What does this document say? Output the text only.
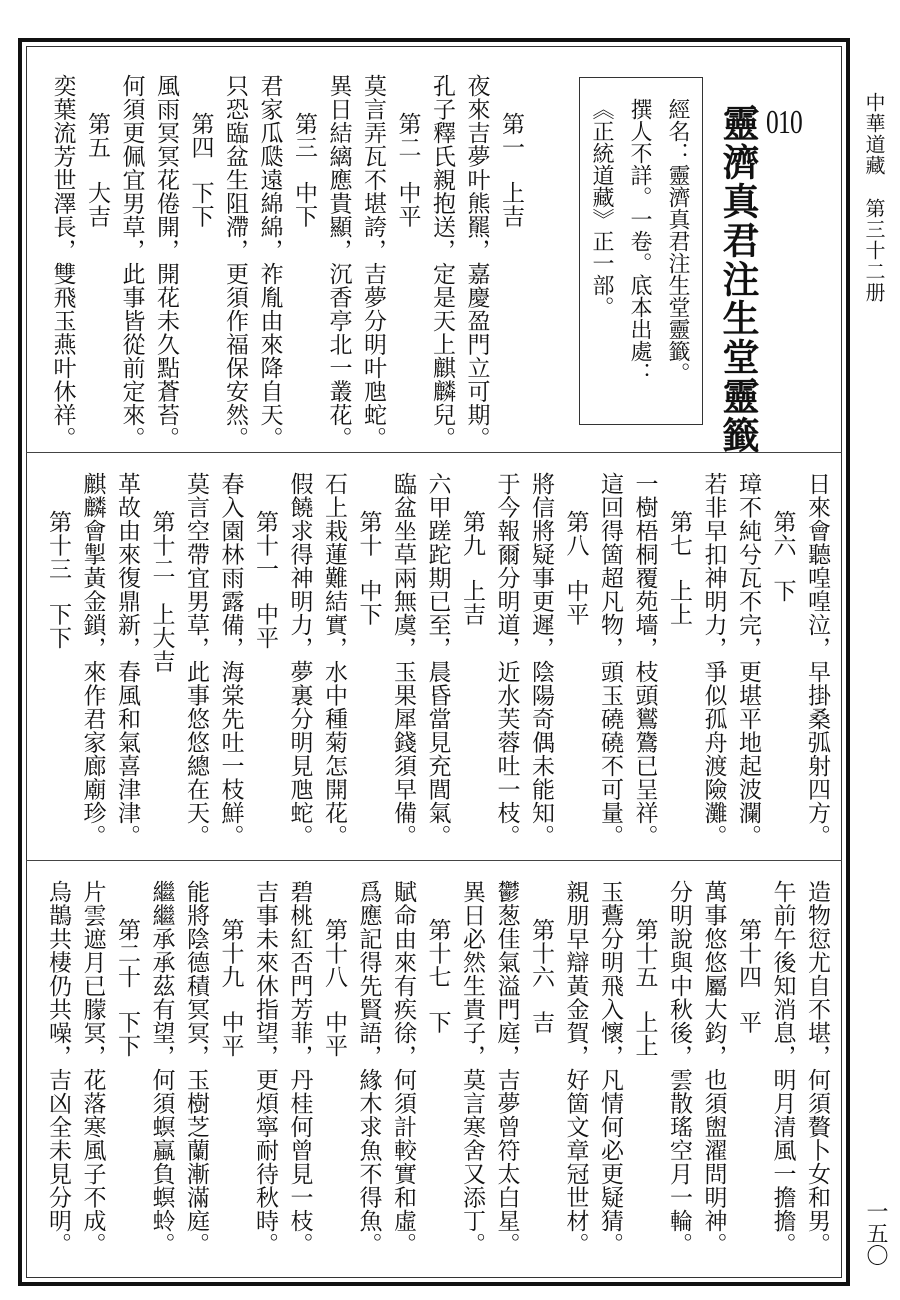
中華道藏第三十二册
一五〇
010
靈濟真君注生堂靈籤
經名：靈濟真君注生堂靈籤。
撰人不詳。一卷。底本出處：
《正統道藏》正一部。
第一上吉
夜來吉夢叶熊羆，嘉慶盈門立可期。
孔子釋氏親抱送，定是天上麒麟兒。
第二中平
莫言弄瓦不堪誇，吉夢分明叶虺蛇。
異日結縭應貴顯，沉香亭北一叢花。
第三中下
君家瓜瓞遠綿綿，祚胤由來降自天。
只恐臨盆生阻滯，更須作福保安然。
第四下下
風雨冥冥花倦開，開花未久點蒼苔。
何須更佩宜男草，此事皆從前定來。
第五大吉
奕葉流芳世澤長，雙飛玉燕叶休祥。
日來會聽喤喤泣，早掛桑弧射四方。
第六下
璋不純兮瓦不完，更堪平地起波瀾。
若非早扣神明力，爭似孤舟渡險灘。
第七上上
一樹梧桐覆苑墻，枝頭鸑鷟已呈祥。
這回得箇超凡物，頭玉磽磽不可量。
第八中平
將信將疑事更遲，陰陽奇偶未能知。
于今報爾分明道，近水芙蓉吐一枝。
第九上吉
六甲蹉跎期已至，晨昏當見充閭氣。
臨盆坐草兩無虞，玉果犀錢須早備。
第十中下
石上栽蓮難結實，水中種菊怎開花。
假饒求得神明力，夢裏分明見虺蛇。
第十一中平
春入園林雨露備，海棠先吐一枝鮮。
莫言空帶宜男草，此事悠悠總在天。
第十二上大吉
革故由來復鼎新，春風和氣喜津津。
麒麟會掣黃金鎖，來作君家廊廟珍。
第十三下下
造物愆尤自不堪，何須贅卜女和男。
午前午後知消息，明月清風一擔擔。
第十四平
萬事悠悠屬大鈞，也須盥濯問明神。
分明說與中秋後，雲散瑤空月一輪。
第十五上上
玉鷰分明飛入懷，凡情何必更疑猜。
親朋早辯黃金賀，好箇文章冠世材。
第十六吉
鬱葱佳氣溢門庭，吉夢曾符太白星。
異日必然生貴子，莫言寒舍又添丁。
第十七下
賦命由來有疾徐，何須計較實和虛。
爲應記得先賢語，緣木求魚不得魚。
第十八中平
碧桃紅否門芳菲，丹桂何曾見一枝。
吉事未來休指望，更煩寧耐待秋時。
第十九中平
能將陰德積冥冥，玉樹芝蘭漸滿庭。
繼繼承承茲有望，何須螟蠃負螟蛉。
第二十下下
片雲遮月已朦冥，花落寒風子不成。
烏鵲共棲仍共噪，吉凶全未見分明。
